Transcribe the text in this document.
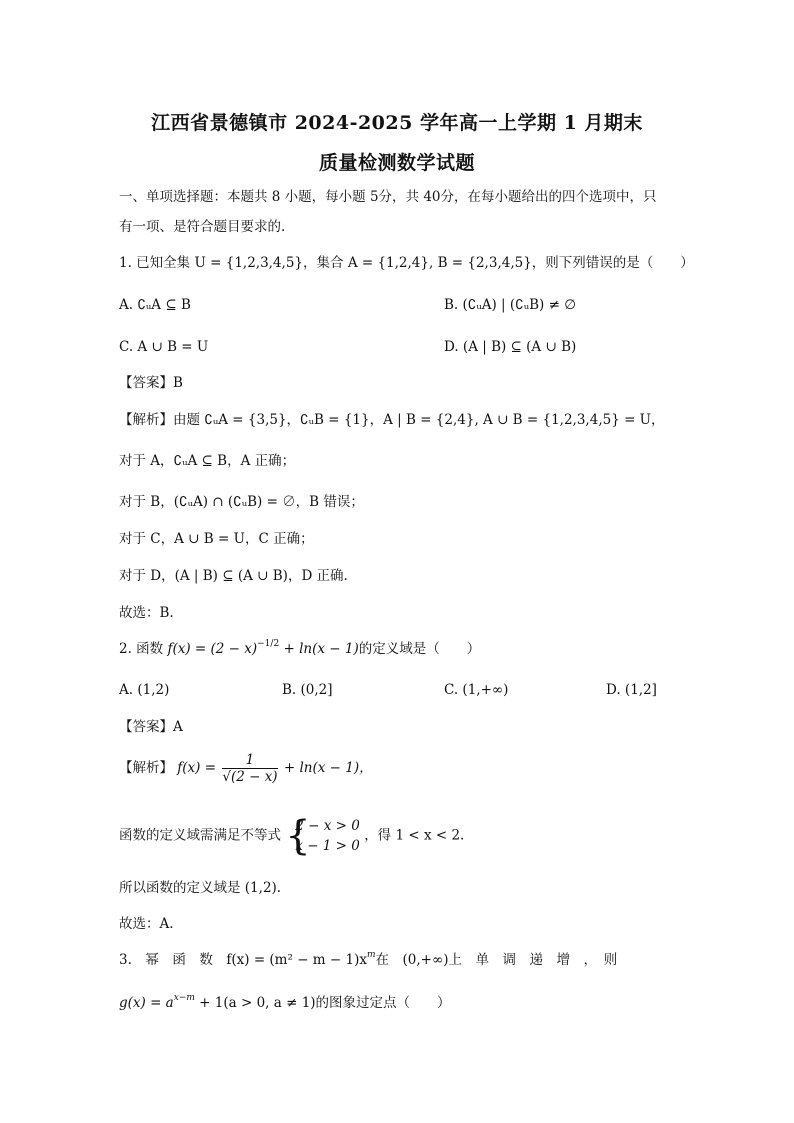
江西省景德镇市 2024-2025 学年高一上学期 1 月期末
质量检测数学试题
一、单项选择题：本题共 8 小题，每小题 5分，共 40分，在每小题给出的四个选项中，只
有一项、是符合题目要求的.
1. 已知全集 U = {1,2,3,4,5}，集合 A = {1,2,4}, B = {2,3,4,5}，则下列错误的是（　　）
A. ∁ᵤA ⊆ B	B. (∁ᵤA) | (∁ᵤB) ≠ ∅
C. A ∪ B = U	D. (A | B) ⊆ (A ∪ B)
【答案】B
【解析】由题 ∁ᵤA = {3,5}，∁ᵤB = {1}，A | B = {2,4}, A ∪ B = {1,2,3,4,5} = U，
对于 A，∁ᵤA ⊆ B，A 正确；
对于 B，(∁ᵤA) ∩ (∁ᵤB) = ∅，B 错误；
对于 C，A ∪ B = U，C 正确；
对于 D，(A | B) ⊆ (A ∪ B)，D 正确.
故选：B.
2. 函数 $f(x) = (2 - x)^{-1/2} + \ln(x - 1)$的定义域是（　　）
A. (1,2)	B. (0,2]	C. (1,+∞)	D. (1,2]
【答案】A
【解析】 $f(x) = \frac{1}{√(2 - x)} + \ln(x - 1)$，
函数的定义域需满足不等式 {
2 − x > 0
x − 1 > 0
，得 1 < x < 2.
所以函数的定义域是 (1,2).
故选：A.
3.　幂　函　数　$f(x) = (m^2 - m - 1)x^m$在　(0,+∞)上　单　调　递　增　，　则
$g(x) = a^{x-m} + 1(a > 0$, a ≠ 1)的图象过定点（　　）
